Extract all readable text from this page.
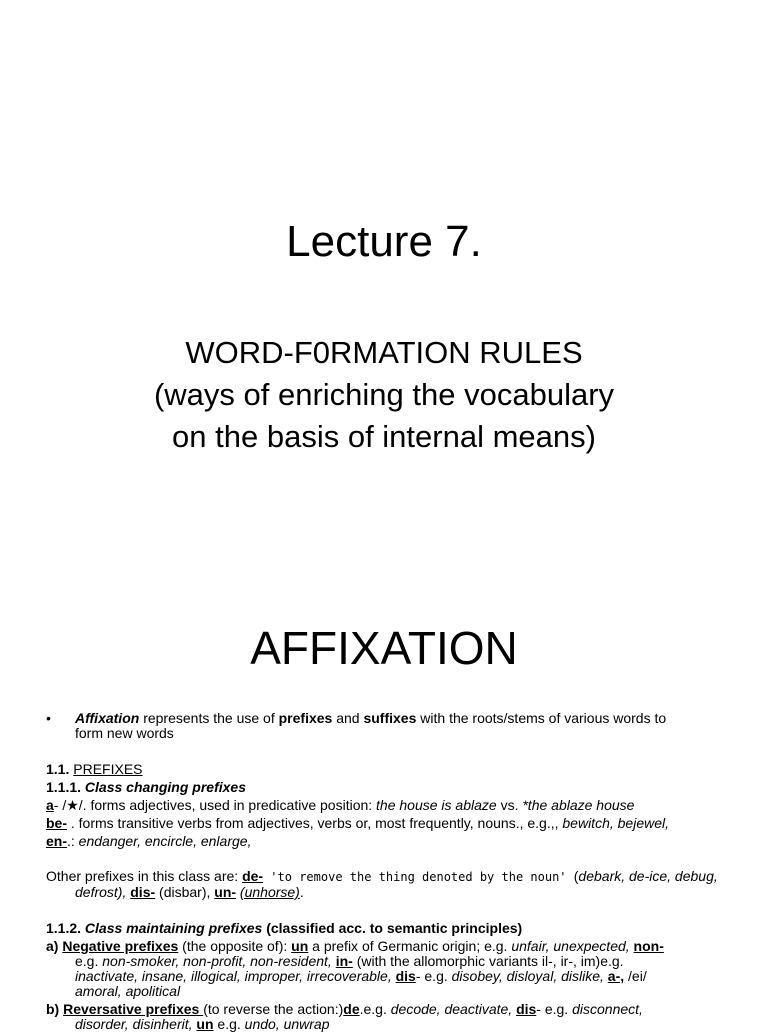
Lecture 7.
WORD-F0RMATION RULES
(ways of enriching the vocabulary
on the basis of internal means)
AFFIXATION
• Affixation represents the use of prefixes and suffixes with the roots/stems of various words to
form new words
1.1. PREFIXES
1.1.1. Class changing prefixes
a- /★/. forms adjectives, used in predicative position: the house is ablaze vs. *the ablaze house
be- . forms transitive verbs from adjectives, verbs or, most frequently, nouns., e.g.,, bewitch, bejewel,
en-.: endanger, encircle, enlarge,
Other prefixes in this class are: de- 'to remove the thing denoted by the noun' (debark, de-ice, debug,
defrost), dis- (disbar), un- (unhorse).
1.1.2. Class maintaining prefixes (classified acc. to semantic principles)
a) Negative prefixes (the opposite of): un a prefix of Germanic origin; e.g. unfair, unexpected, non-
e.g. non-smoker, non-profit, non-resident, in- (with the allomorphic variants il-, ir-, im)e.g.
inactivate, insane, illogical, improper, irrecoverable, dis- e.g. disobey, disloyal, dislike, a-, /ei/
amoral, apolitical
b) Reversative prefixes (to reverse the action:)de.e.g. decode, deactivate, dis- e.g. disconnect,
disorder, disinherit, un e.g. undo, unwrap
